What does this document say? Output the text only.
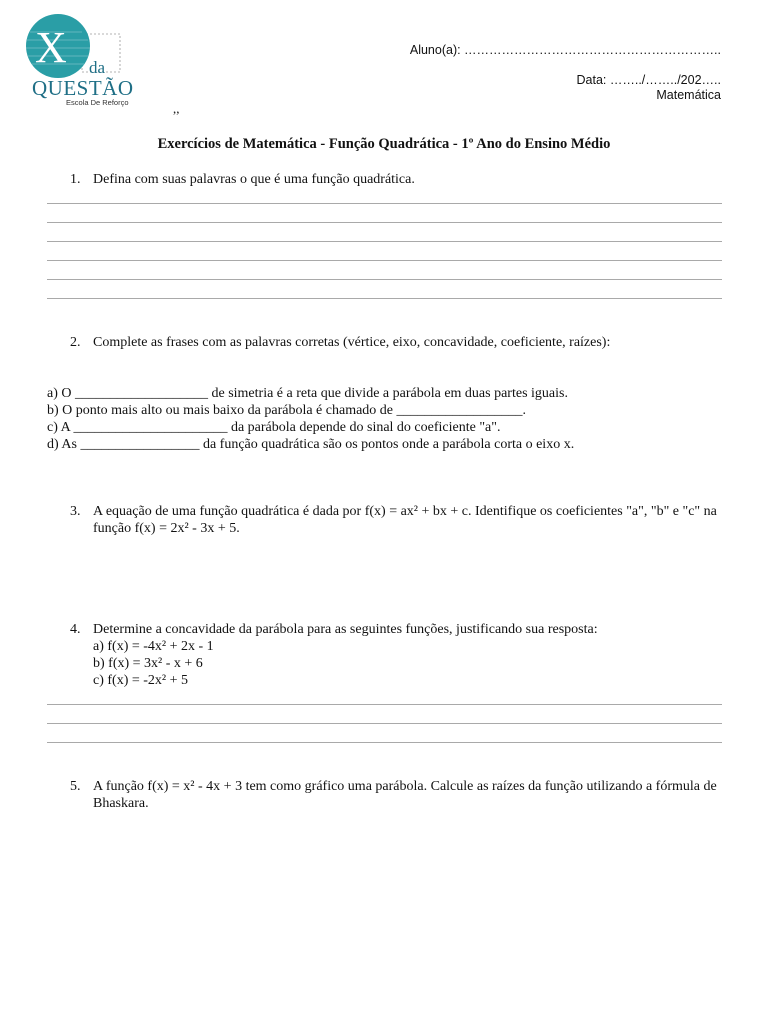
X da
QUESTÃO
Escola De Reforço
Aluno(a): ……………………………………………………..
Data: ……../……../202…..
Matemática
,,
Exercícios de Matemática - Função Quadrática - 1º Ano do Ensino Médio
1. Defina com suas palavras o que é uma função quadrática.
2. Complete as frases com as palavras corretas (vértice, eixo, concavidade, coeficiente, raízes):
a) O ___________________ de simetria é a reta que divide a parábola em duas partes iguais.
b) O ponto mais alto ou mais baixo da parábola é chamado de __________________.
c) A ______________________ da parábola depende do sinal do coeficiente "a".
d) As _________________ da função quadrática são os pontos onde a parábola corta o eixo x.
3. A equação de uma função quadrática é dada por f(x) = ax² + bx + c. Identifique os coeficientes "a", "b" e "c" na função f(x) = 2x² - 3x + 5.
4. Determine a concavidade da parábola para as seguintes funções, justificando sua resposta:
a) f(x) = -4x² + 2x - 1
b) f(x) = 3x² - x + 6
c) f(x) = -2x² + 5
5. A função f(x) = x² - 4x + 3 tem como gráfico uma parábola. Calcule as raízes da função utilizando a fórmula de Bhaskara.
